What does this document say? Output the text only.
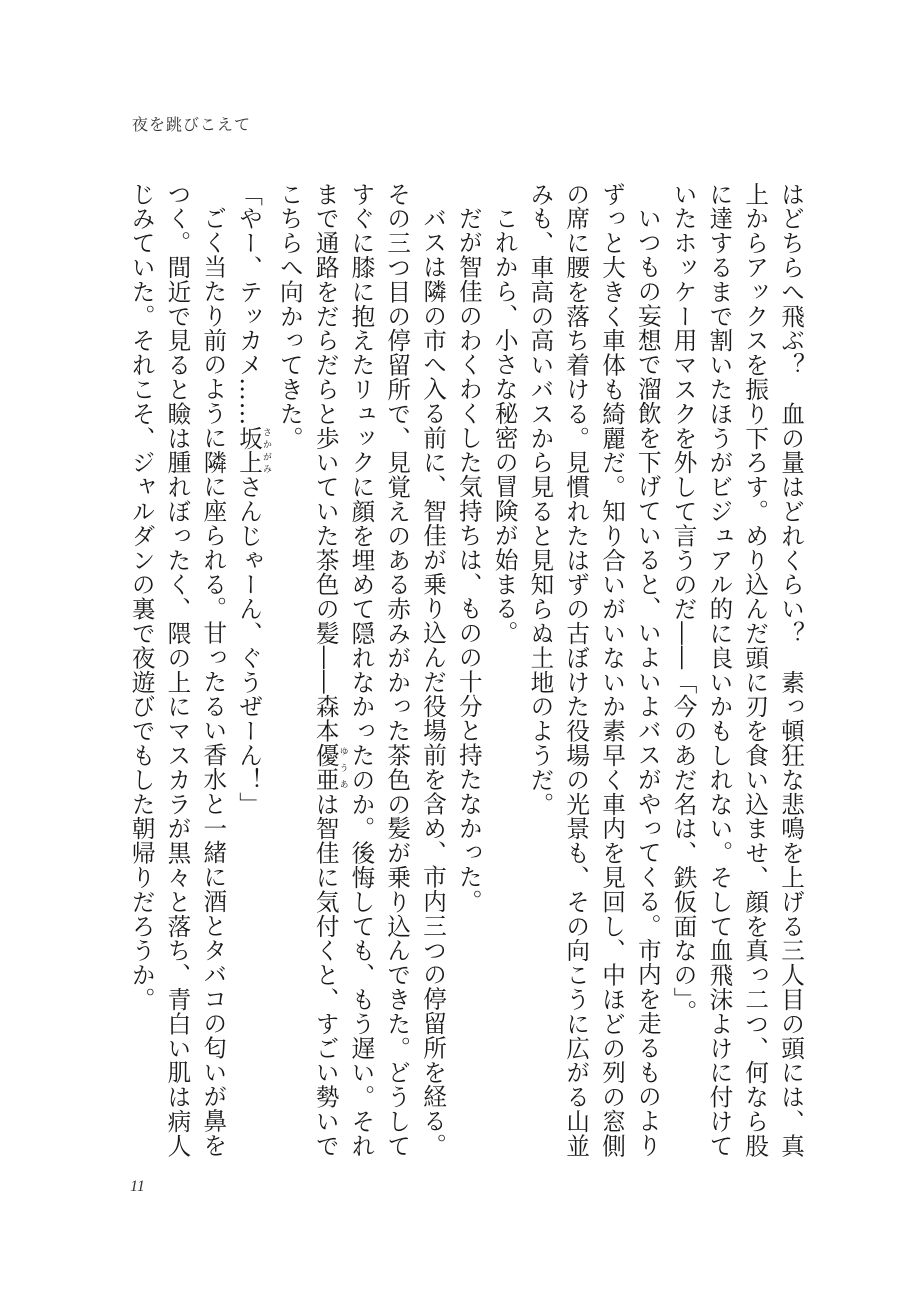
夜を跳びこえて

はどちらへ飛ぶ？　血の量はどれくらい？　素っ頓狂な悲鳴を上げる三人目の頭には、真上からアックスを振り下ろす。めり込んだ頭に刃を食い込ませ、顔を真っ二つ、何なら股に達するまで割いたほうがビジュアル的に良いかもしれない。そして血飛沫よけに付けていたホッケー用マスクを外して言うのだ――「今のあだ名は、鉄仮面なの」。

いつもの妄想で溜飲を下げていると、いよいよバスがやってくる。市内を走るものよりずっと大きく車体も綺麗だ。知り合いがいないか素早く車内を見回し、中ほどの列の窓側の席に腰を落ち着ける。見慣れたはずの古ぼけた役場の光景も、その向こうに広がる山並みも、車高の高いバスから見ると見知らぬ土地のようだ。

これから、小さな秘密の冒険が始まる。

だが智佳のわくわくした気持ちは、ものの十分と持たなかった。

バスは隣の市へ入る前に、智佳が乗り込んだ役場前を含め、市内三つの停留所を経る。その三つ目の停留所で、見覚えのある赤みがかった茶色の髪が乗り込んできた。どうしてすぐに膝に抱えたリュックに顔を埋めて隠れなかったのか。後悔しても、もう遅い。それまで通路をだらだらと歩いていた茶色の髪――森本優亜ゆうあは智佳に気付くと、すごい勢いでこちらへ向かってきた。

「やー、テッカメ……坂上さかがみさんじゃーん、ぐうぜーん！」

ごく当たり前のように隣に座られる。甘ったるい香水と一緒に酒とタバコの匂いが鼻をつく。間近で見ると瞼は腫れぼったく、隈の上にマスカラが黒々と落ち、青白い肌は病人じみていた。それこそ、ジャルダンの裏で夜遊びでもした朝帰りだろうか。

11
